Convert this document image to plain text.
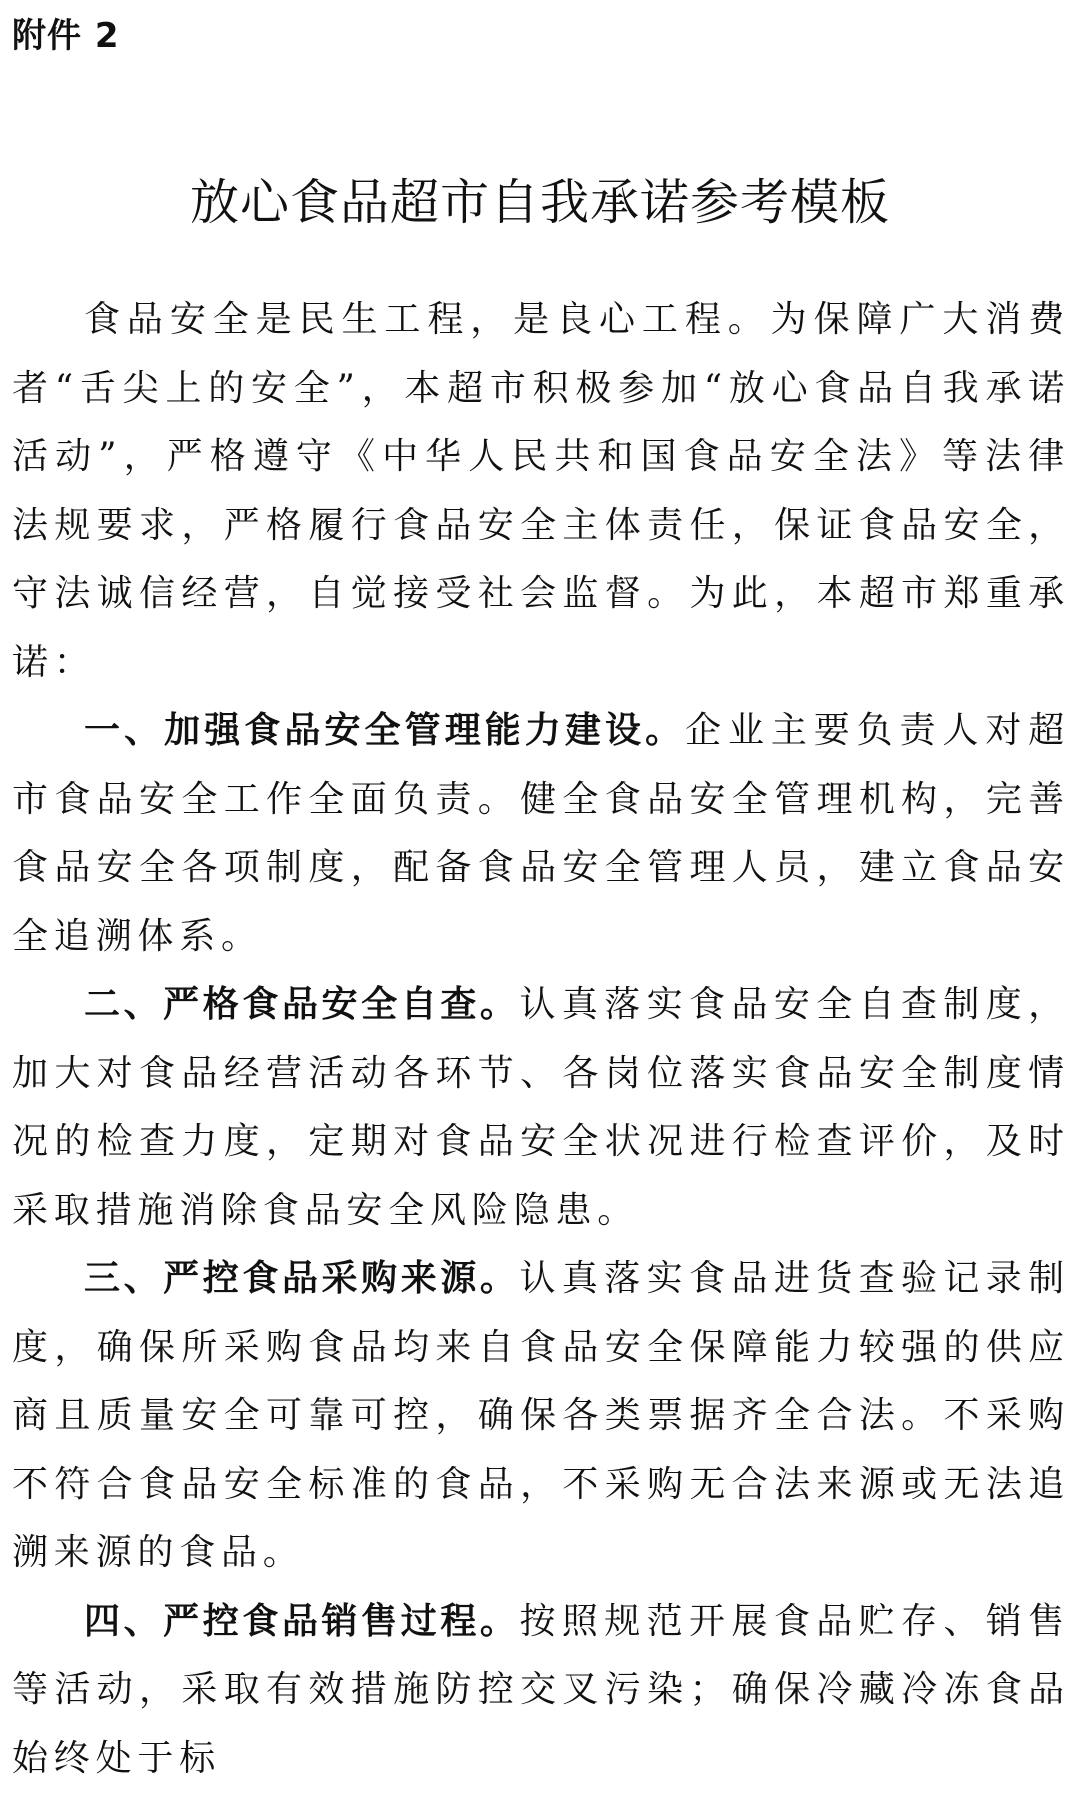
附件 2
放心食品超市自我承诺参考模板

食品安全是民生工程，是良心工程。为保障广大消费者“舌尖上的安全”，本超市积极参加“放心食品自我承诺活动”，严格遵守《中华人民共和国食品安全法》等法律法规要求，严格履行食品安全主体责任，保证食品安全，守法诚信经营，自觉接受社会监督。为此，本超市郑重承诺：

一、加强食品安全管理能力建设。企业主要负责人对超市食品安全工作全面负责。健全食品安全管理机构，完善食品安全各项制度，配备食品安全管理人员，建立食品安全追溯体系。

二、严格食品安全自查。认真落实食品安全自查制度，加大对食品经营活动各环节、各岗位落实食品安全制度情况的检查力度，定期对食品安全状况进行检查评价，及时采取措施消除食品安全风险隐患。

三、严控食品采购来源。认真落实食品进货查验记录制度，确保所采购食品均来自食品安全保障能力较强的供应商且质量安全可靠可控，确保各类票据齐全合法。不采购不符合食品安全标准的食品，不采购无合法来源或无法追溯来源的食品。

四、严控食品销售过程。按照规范开展食品贮存、销售等活动，采取有效措施防控交叉污染；确保冷藏冷冻食品始终处于标
